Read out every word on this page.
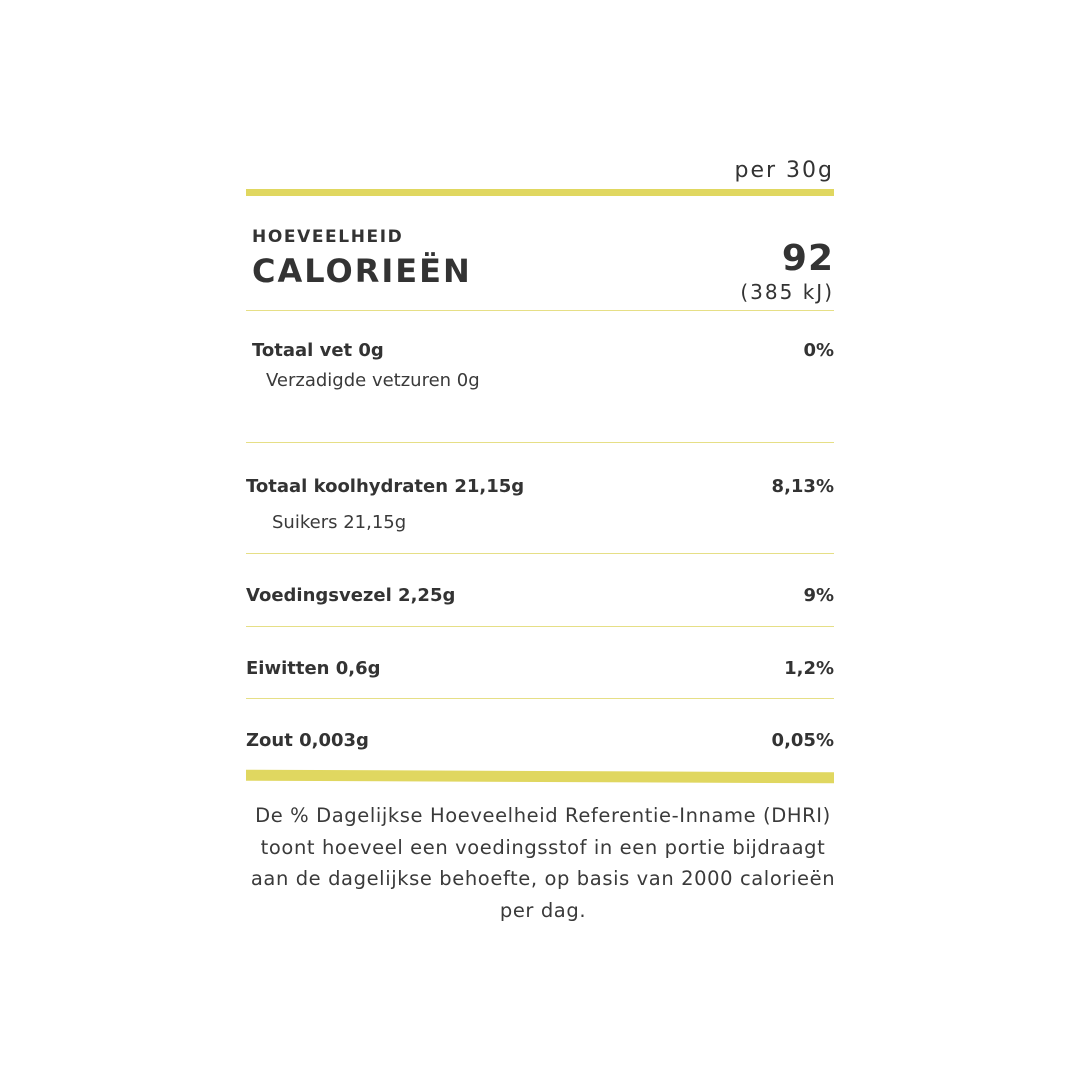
per 30g
HOEVEELHEID
CALORIEËN	92
(385 kJ)
Totaal vet 0g	0%
Verzadigde vetzuren 0g
Totaal koolhydraten 21,15g	8,13%
Suikers 21,15g
Voedingsvezel 2,25g	9%
Eiwitten 0,6g	1,2%
Zout 0,003g	0,05%
De % Dagelijkse Hoeveelheid Referentie-Inname (DHRI) toont hoeveel een voedingsstof in een portie bijdraagt aan de dagelijkse behoefte, op basis van 2000 calorieën per dag.
